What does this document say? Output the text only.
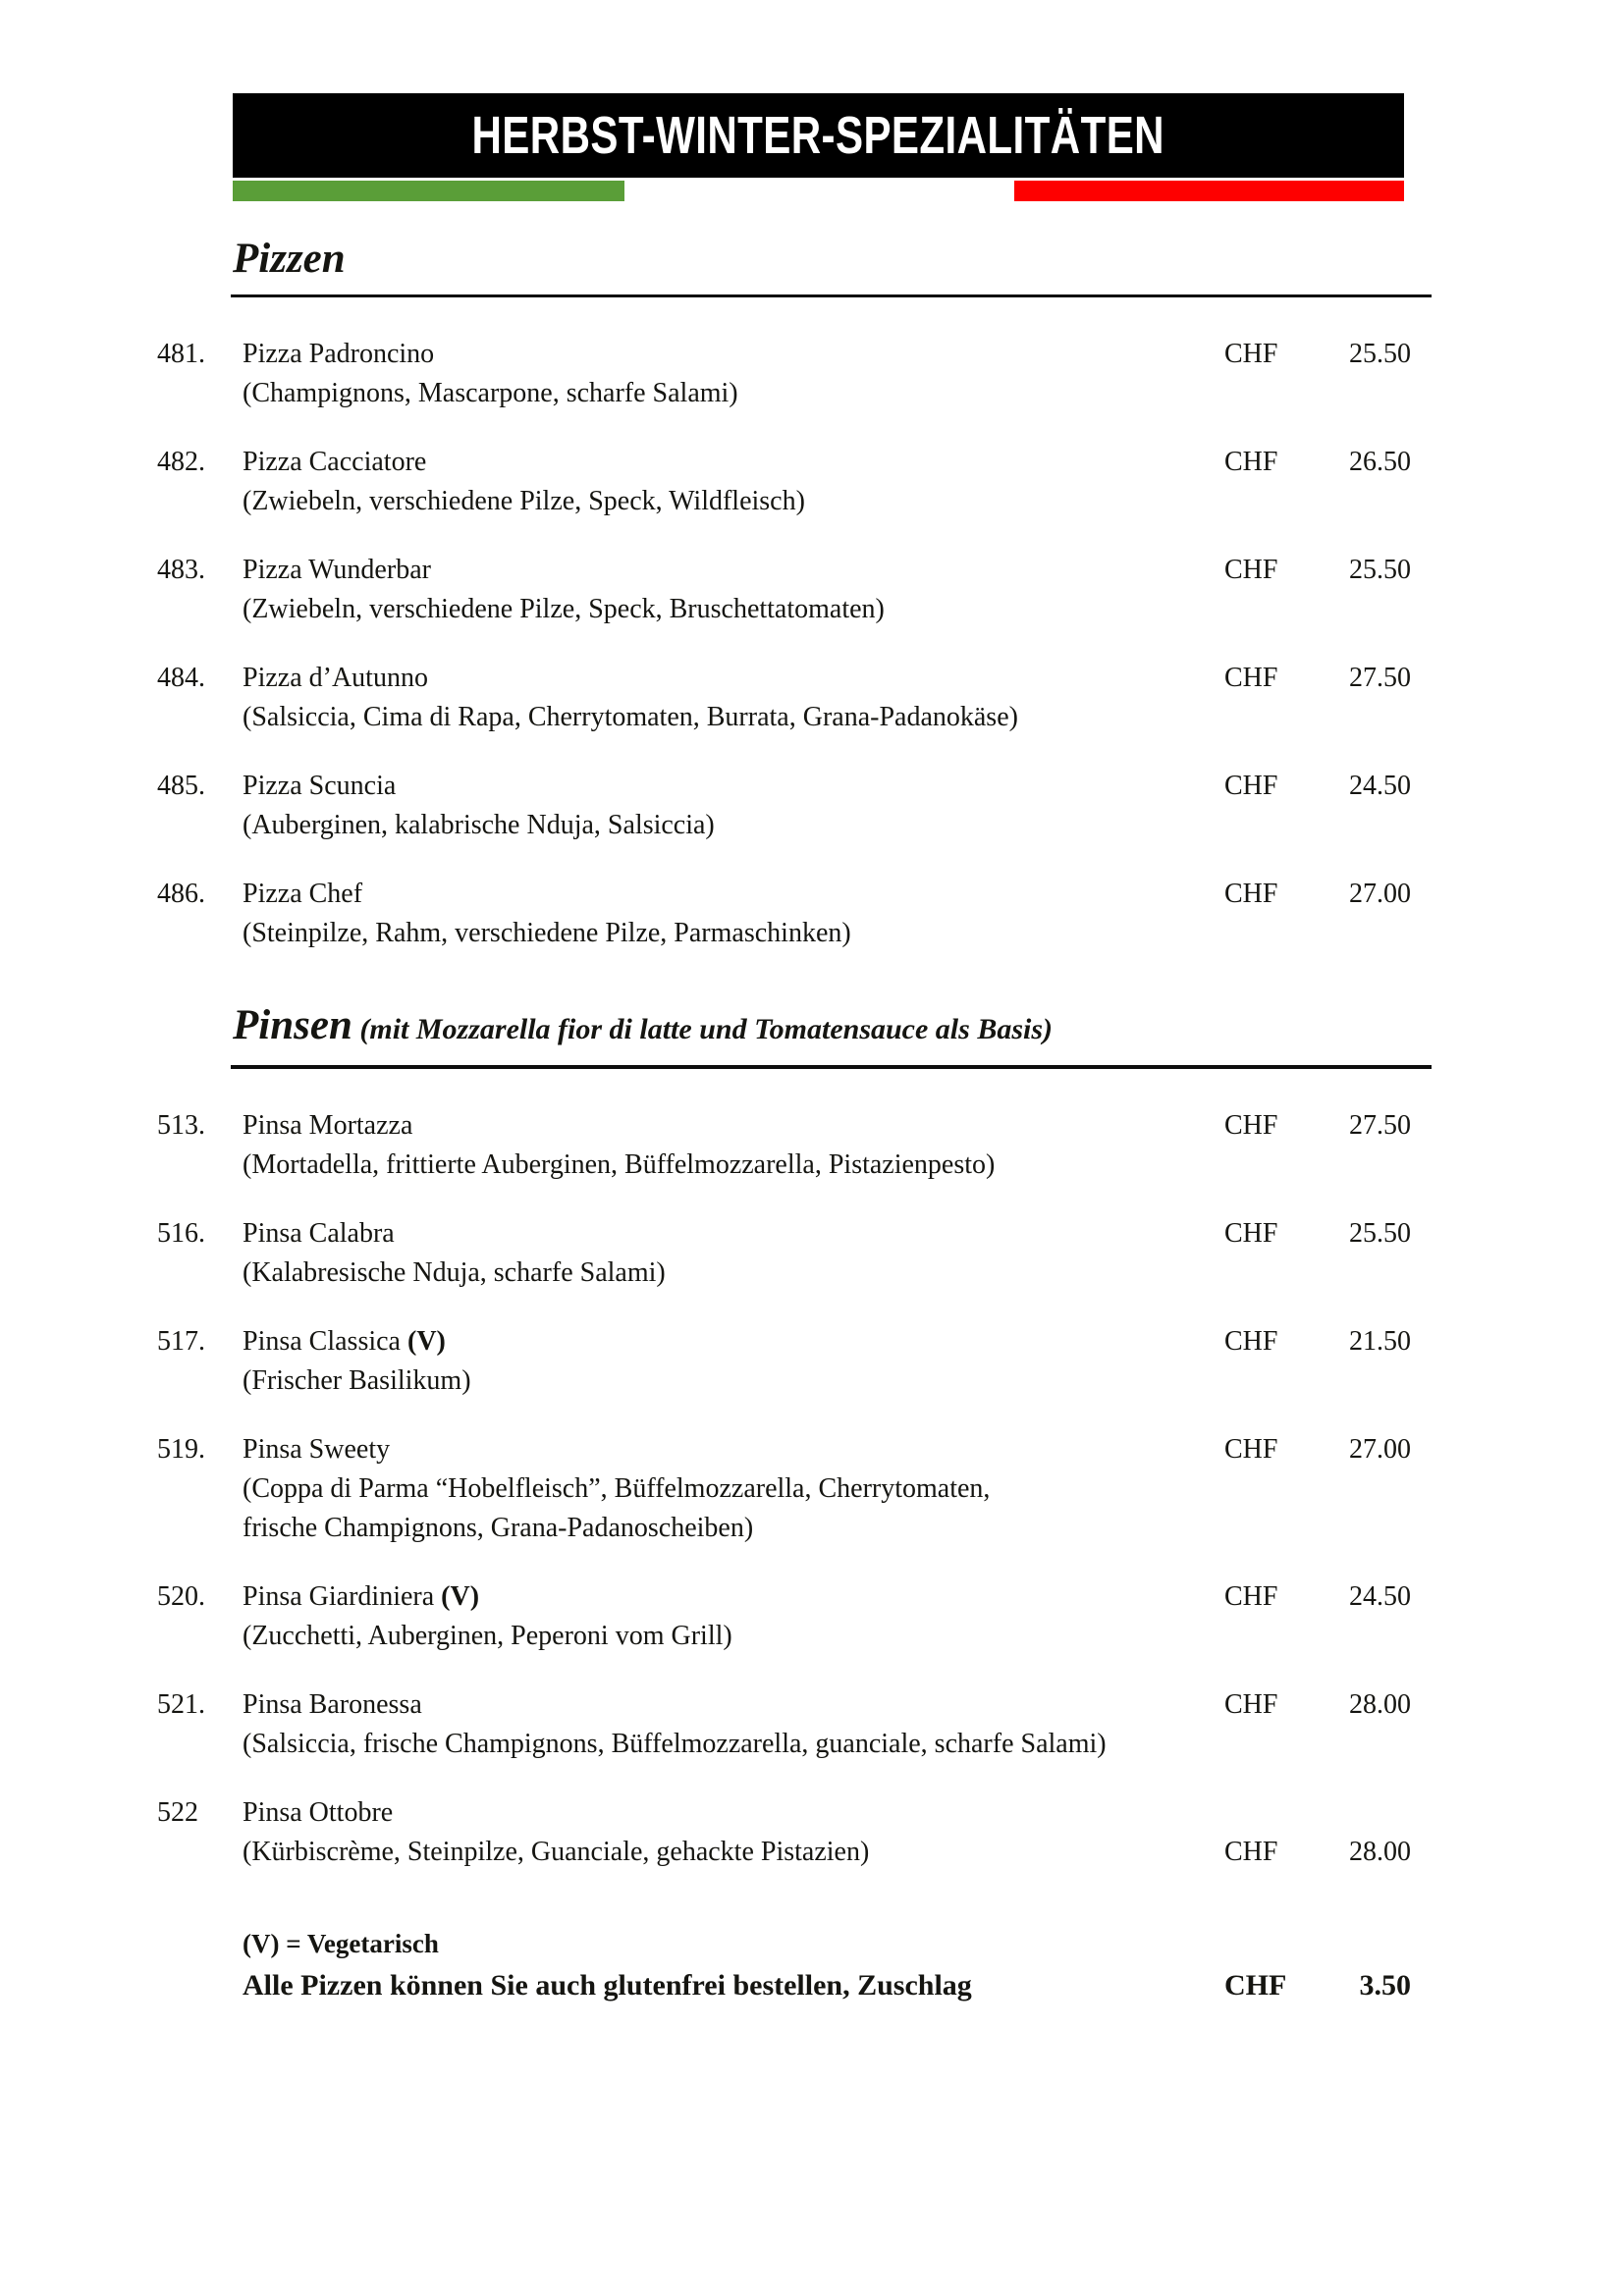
HERBST-WINTER-SPEZIALITÄTEN
Pizzen
481.	Pizza Padroncino	CHF	25.50
(Champignons, Mascarpone, scharfe Salami)
482.	Pizza Cacciatore	CHF	26.50
(Zwiebeln, verschiedene Pilze, Speck, Wildfleisch)
483.	Pizza Wunderbar	CHF	25.50
(Zwiebeln, verschiedene Pilze, Speck, Bruschettatomaten)
484.	Pizza d’Autunno	CHF	27.50
(Salsiccia, Cima di Rapa, Cherrytomaten, Burrata, Grana-Padanokäse)
485.	Pizza Scuncia	CHF	24.50
(Auberginen, kalabrische Nduja, Salsiccia)
486.	Pizza Chef	CHF	27.00
(Steinpilze, Rahm, verschiedene Pilze, Parmaschinken)
Pinsen (mit Mozzarella fior di latte und Tomatensauce als Basis)
513.	Pinsa Mortazza	CHF	27.50
(Mortadella, frittierte Auberginen, Büffelmozzarella, Pistazienpesto)
516.	Pinsa Calabra	CHF	25.50
(Kalabresische Nduja, scharfe Salami)
517.	Pinsa Classica (V)	CHF	21.50
(Frischer Basilikum)
519.	Pinsa Sweety	CHF	27.00
(Coppa di Parma “Hobelfleisch”, Büffelmozzarella, Cherrytomaten,
frische Champignons, Grana-Padanoscheiben)
520.	Pinsa Giardiniera (V)	CHF	24.50
(Zucchetti, Auberginen, Peperoni vom Grill)
521.	Pinsa Baronessa	CHF	28.00
(Salsiccia, frische Champignons, Büffelmozzarella, guanciale, scharfe Salami)
522	Pinsa Ottobre
(Kürbiscrème, Steinpilze, Guanciale, gehackte Pistazien)	CHF	28.00
(V) = Vegetarisch
Alle Pizzen können Sie auch glutenfrei bestellen, Zuschlag	CHF	3.50
